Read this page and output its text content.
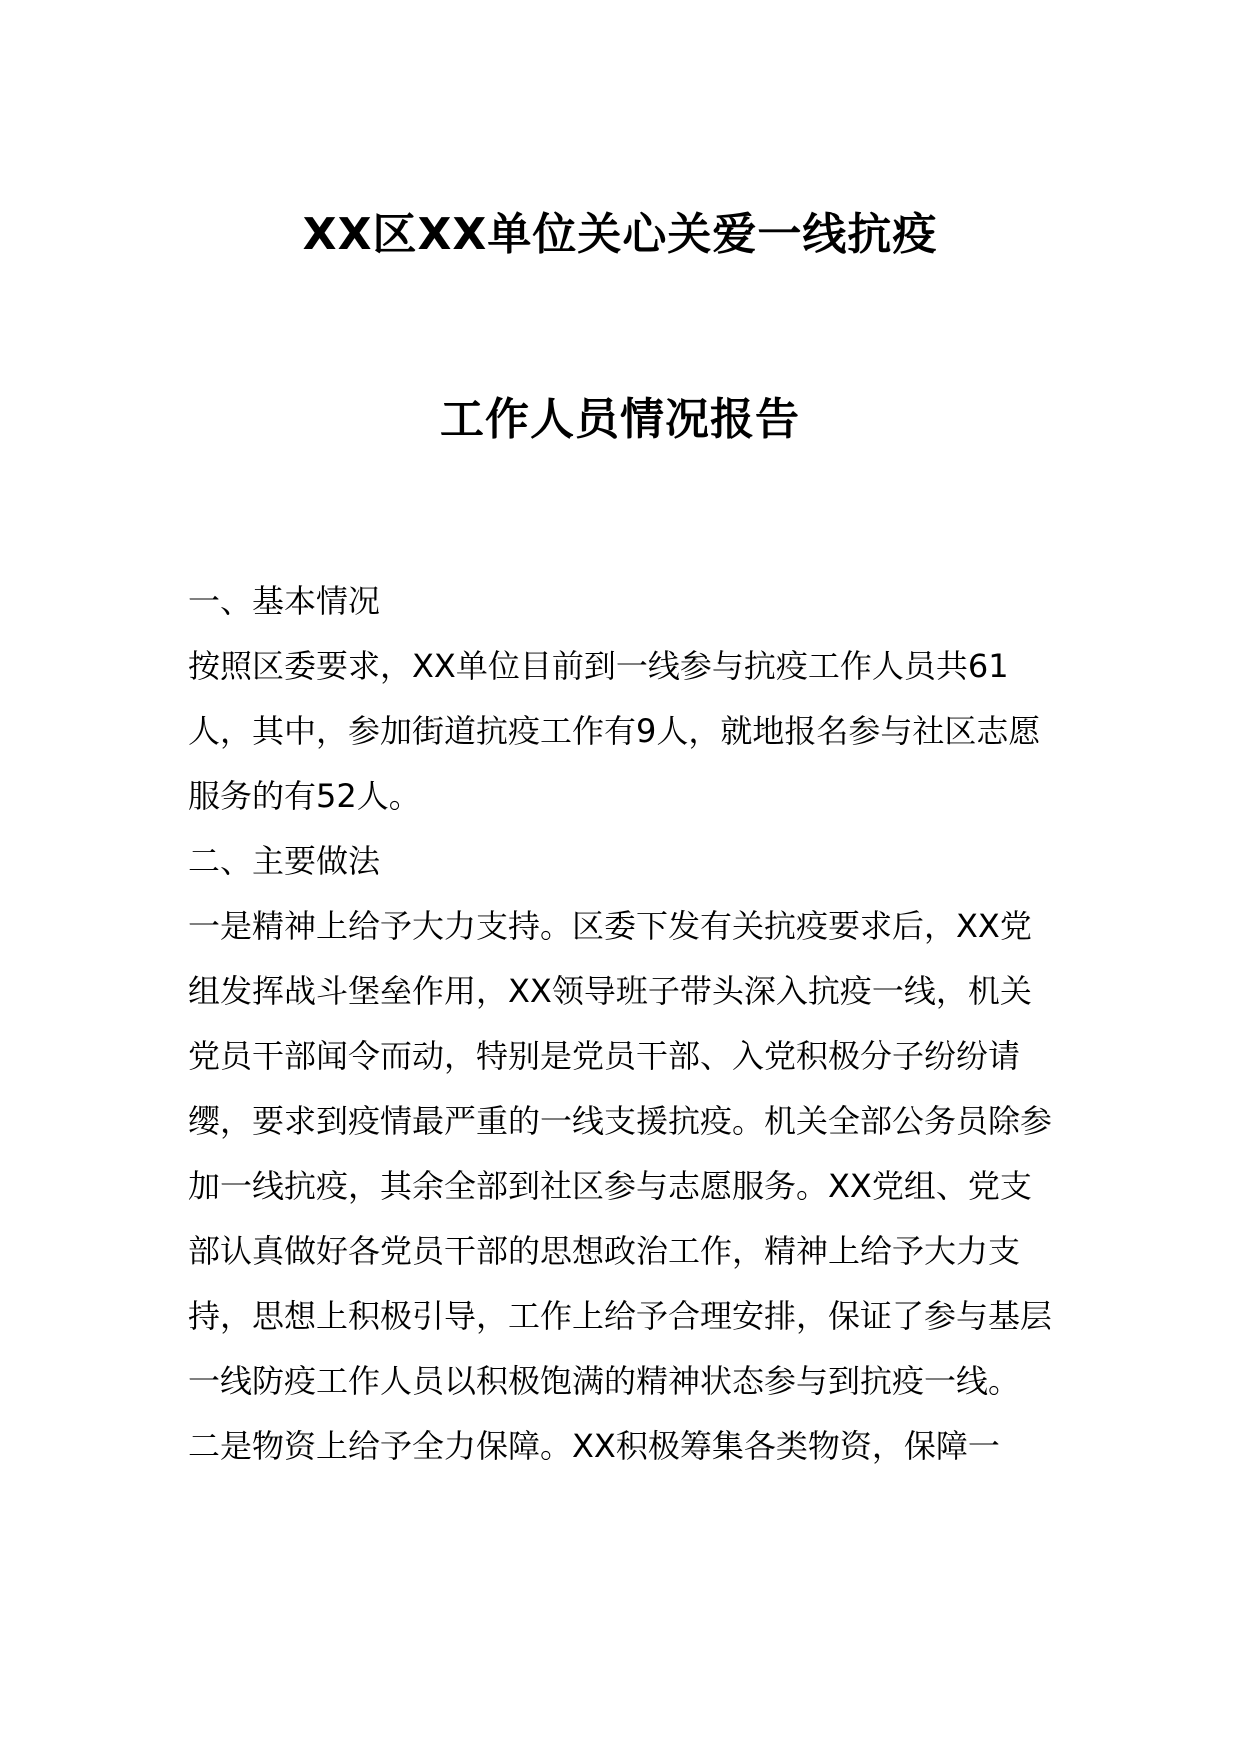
XX区XX单位关心关爱一线抗疫
工作人员情况报告

一、基本情况

按照区委要求，XX单位目前到一线参与抗疫工作人员共61人，其中，参加街道抗疫工作有9人，就地报名参与社区志愿服务的有52人。

二、主要做法

一是精神上给予大力支持。区委下发有关抗疫要求后，XX党组发挥战斗堡垒作用，XX领导班子带头深入抗疫一线，机关党员干部闻令而动，特别是党员干部、入党积极分子纷纷请缨，要求到疫情最严重的一线支援抗疫。机关全部公务员除参加一线抗疫，其余全部到社区参与志愿服务。XX党组、党支部认真做好各党员干部的思想政治工作，精神上给予大力支持，思想上积极引导，工作上给予合理安排，保证了参与基层一线防疫工作人员以积极饱满的精神状态参与到抗疫一线。

二是物资上给予全力保障。XX积极筹集各类物资，保障一
